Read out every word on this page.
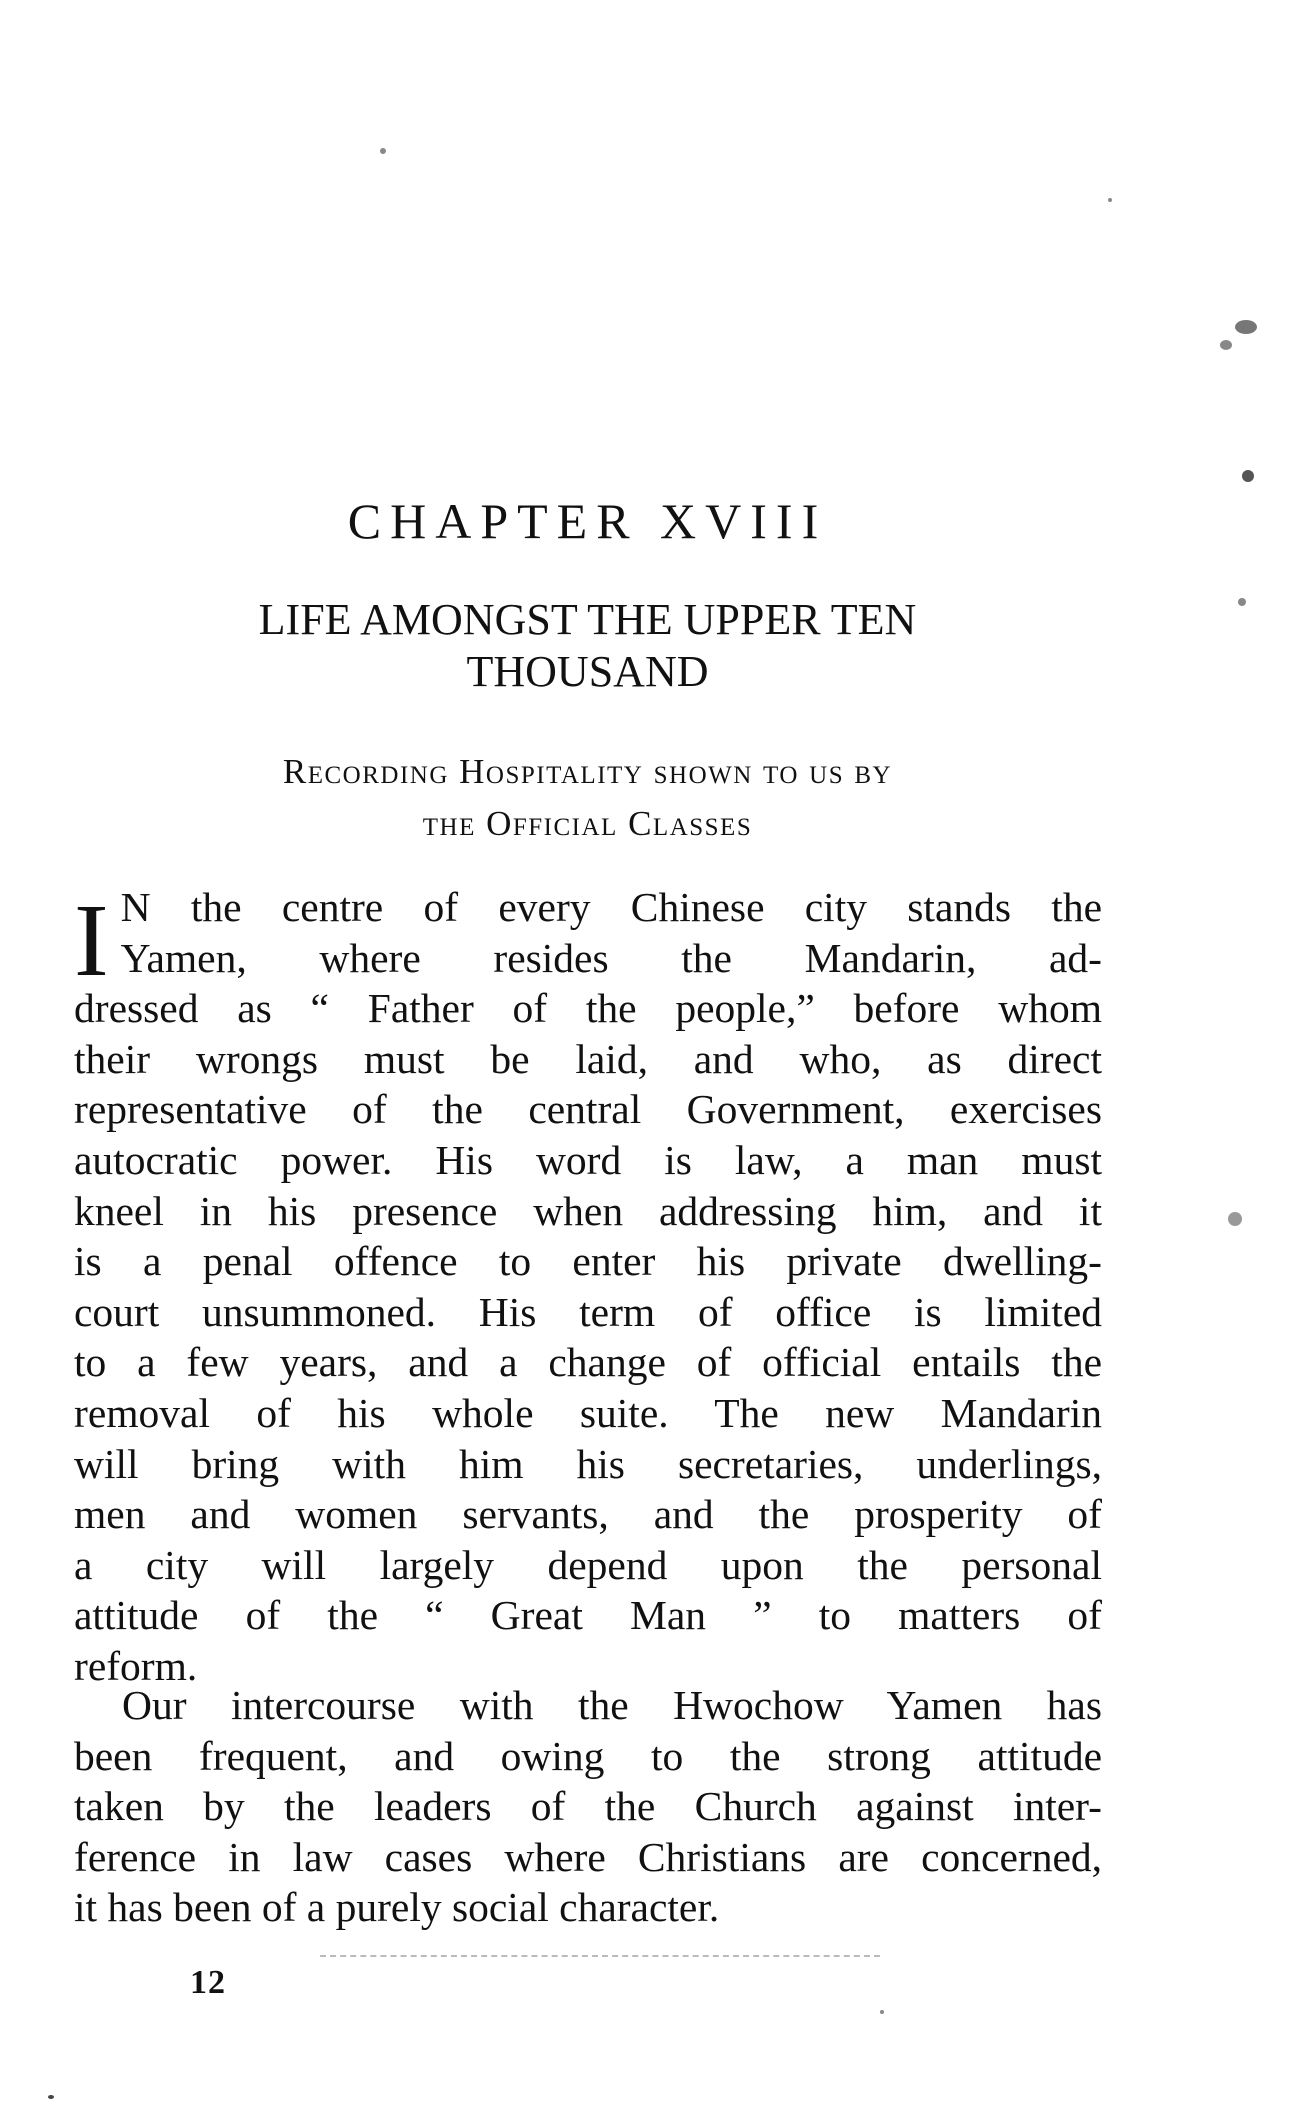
CHAPTER XVIII
LIFE AMONGST THE UPPER TEN
THOUSAND
Recording Hospitality shown to us by
the Official Classes
I N the centre of every Chinese city stands the
Yamen, where resides the Mandarin, ad-
dressed as “ Father of the people,” before whom
their wrongs must be laid, and who, as direct
representative of the central Government, exercises
autocratic power. His word is law, a man must
kneel in his presence when addressing him, and it
is a penal offence to enter his private dwelling-
court unsummoned. His term of office is limited
to a few years, and a change of official entails the
removal of his whole suite. The new Mandarin
will bring with him his secretaries, underlings,
men and women servants, and the prosperity of
a city will largely depend upon the personal
attitude of the “ Great Man ” to matters of
reform.
Our intercourse with the Hwochow Yamen has
been frequent, and owing to the strong attitude
taken by the leaders of the Church against inter-
ference in law cases where Christians are concerned,
it has been of a purely social character.
12
